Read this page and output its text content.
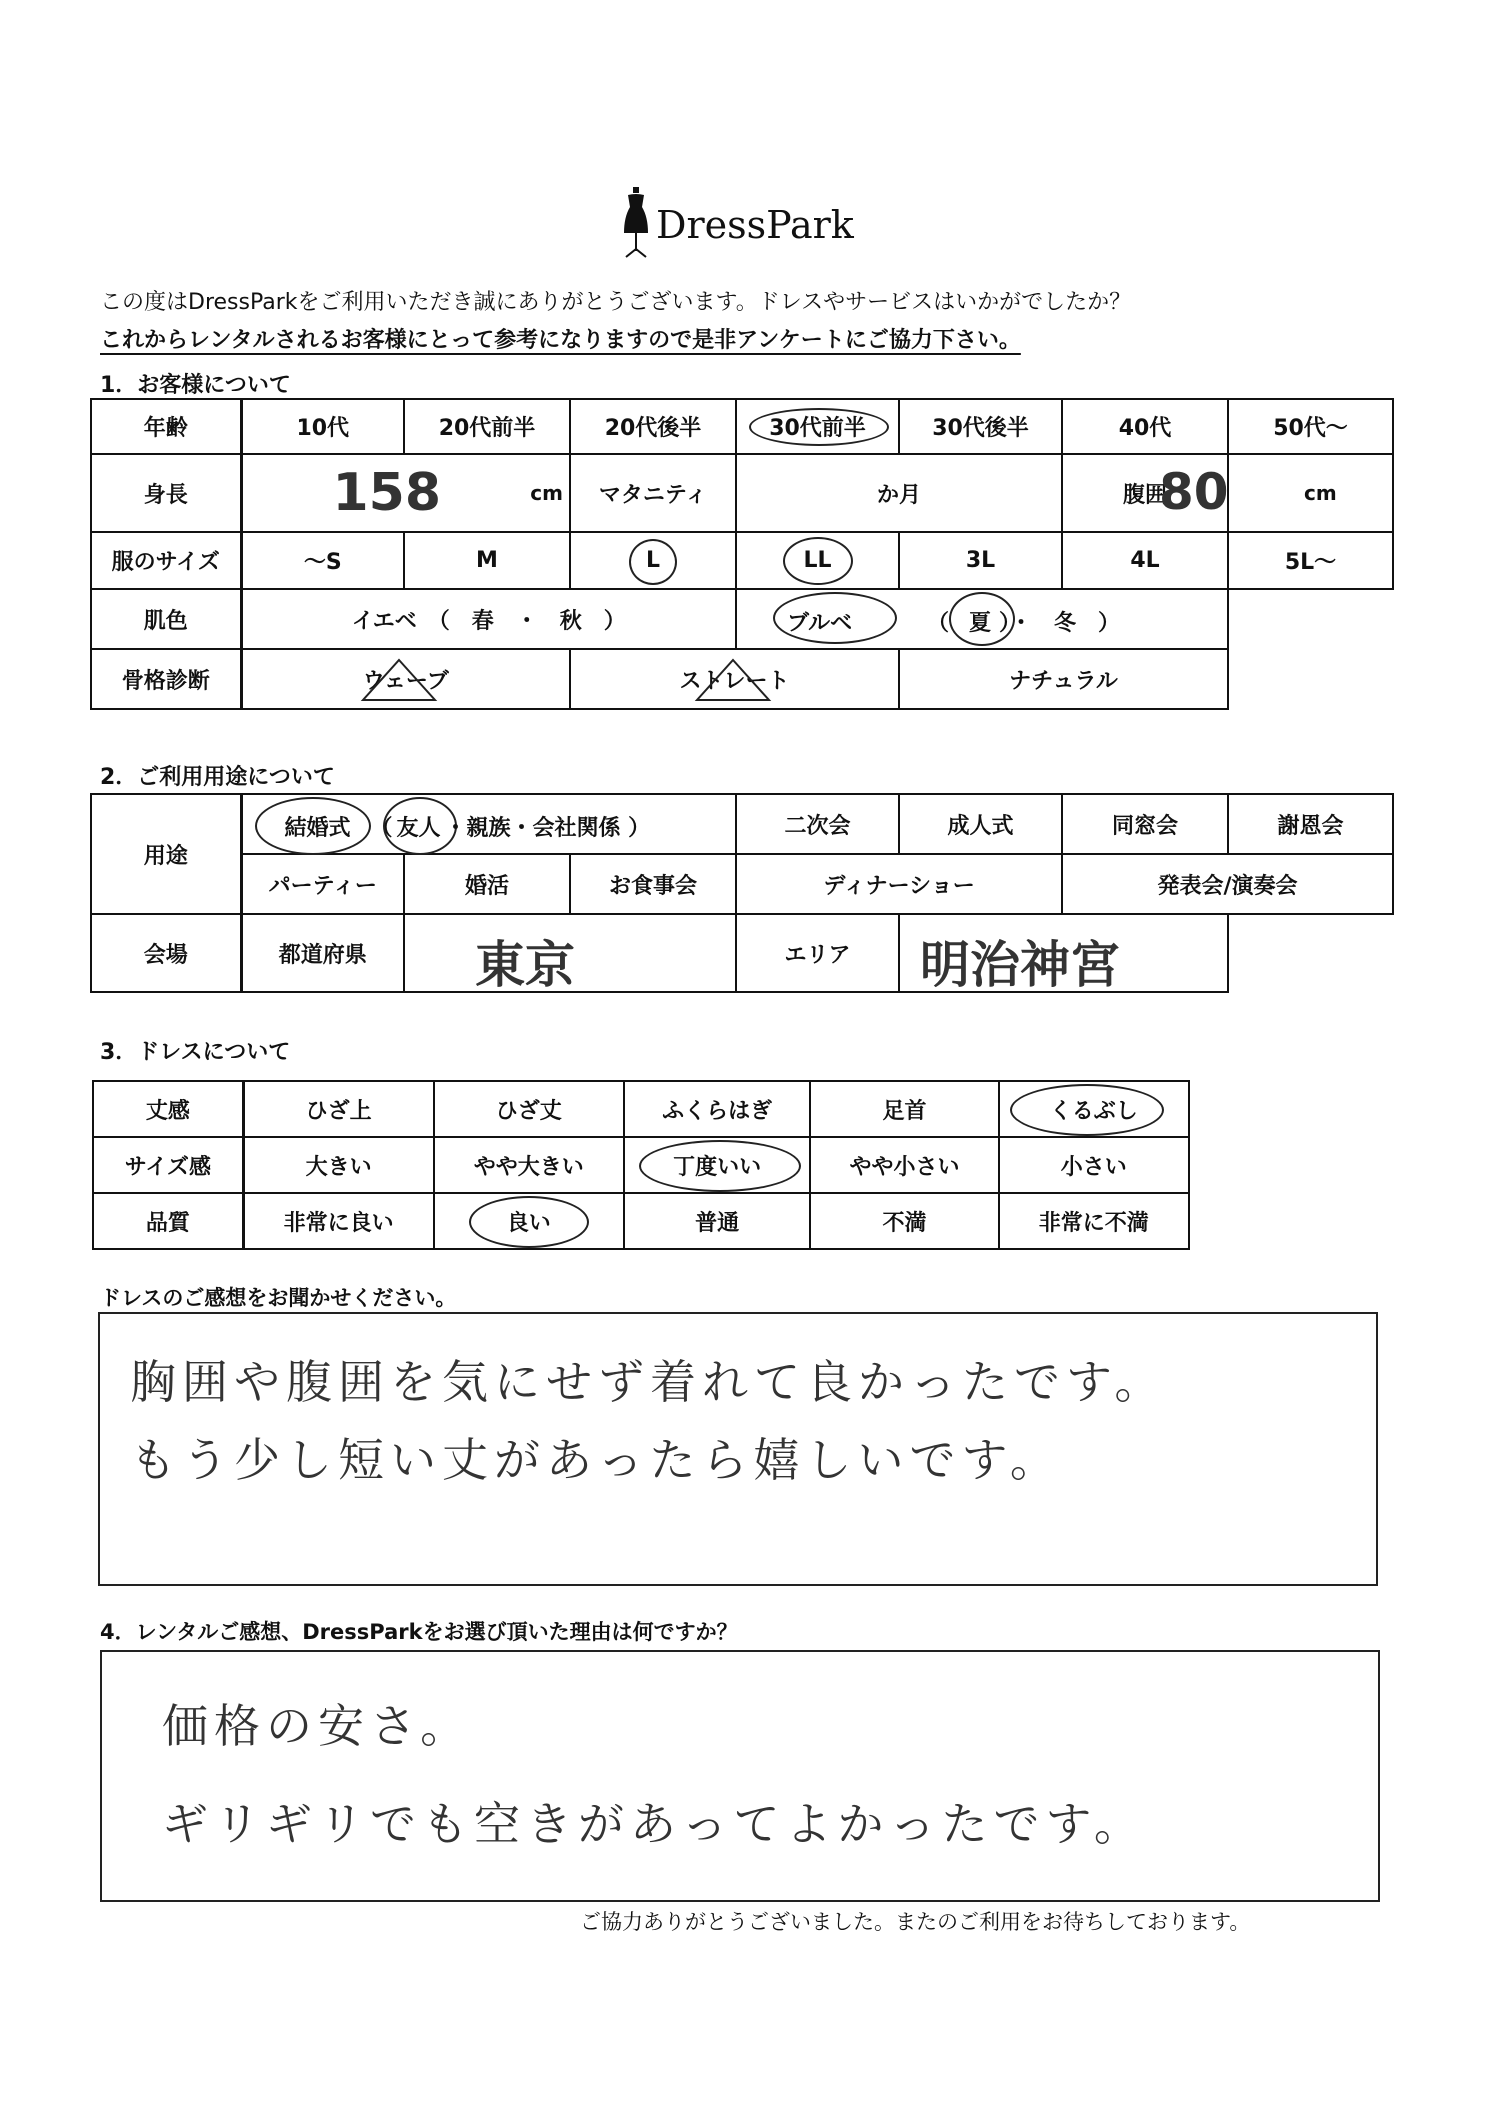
DressPark
この度はDressParkをご利用いただき誠にありがとうございます。ドレスやサービスはいかがでしたか？
これからレンタルされるお客様にとって参考になりますので是非アンケートにご協力下さい。
1．お客様について
年齢	10代	20代前半	20代後半	30代前半	30代後半	40代	50代～
身長	158 cm		マタニティ	か月		腹囲	80 cm

服のサイズ	～S	M	L	LL	3L	4L	5L～
肌色	イエベ　（　春　・　秋　）			ブルベ （ 夏 ）・　冬　）			

骨格診断	ウェーブ		ストレート		ナチュラル		
2．ご利用用途について
用途	結婚式 （ 友人 ・親族・会社関係 ）			二次会	成人式	同窓会	謝恩会
	パーティー	婚活	お食事会	ディナーショー		発表会/演奏会	
会場	都道府県	東京		エリア	明治神宮		

3．ドレスについて
丈感	ひざ上	ひざ丈	ふくらはぎ	足首	くるぶし

サイズ感	大きい	やや大きい	丁度いい	やや小さい	小さい
品質	非常に良い	良い	普通	不満	非常に不満
ドレスのご感想をお聞かせください。
胸囲や腹囲を気にせず着れて良かったです。
もう少し短い丈があったら嬉しいです。
4．レンタルご感想、DressParkをお選び頂いた理由は何ですか？
価格の安さ。
ギリギリでも空きがあってよかったです。
ご協力ありがとうございました。またのご利用をお待ちしております。
